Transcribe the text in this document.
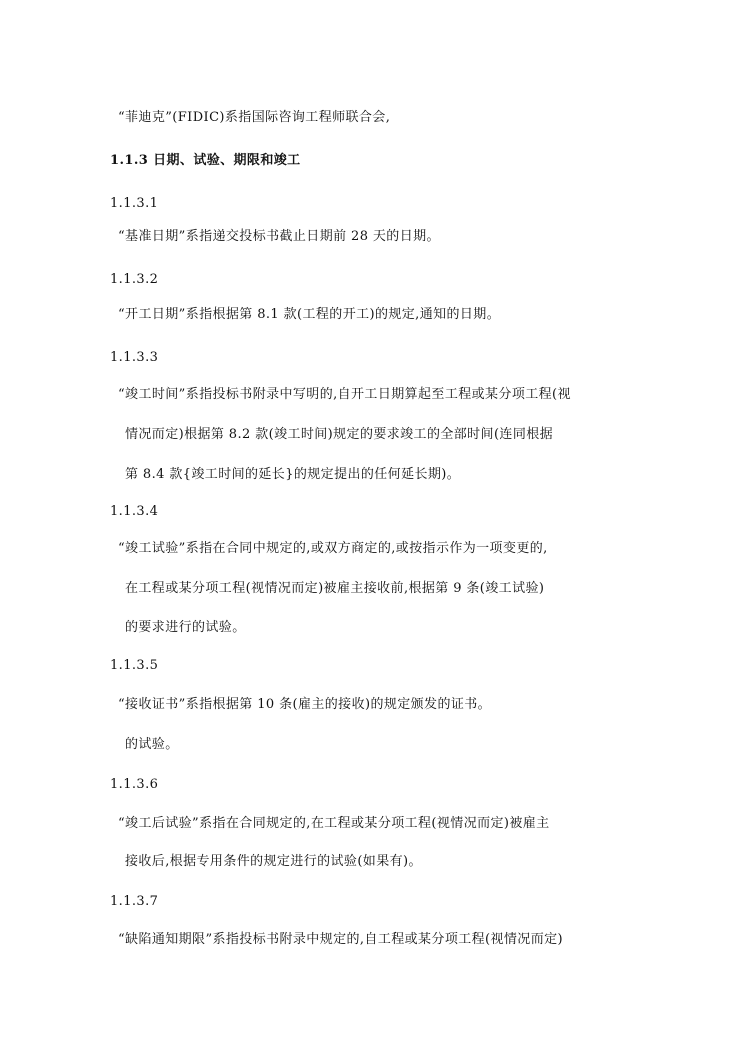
“菲迪克”(FIDIC)系指国际咨询工程师联合会,

1.1.3 日期、试验、期限和竣工

1.1.3.1

“基准日期”系指递交投标书截止日期前 28 天的日期。

1.1.3.2

“开工日期”系指根据第 8.1 款(工程的开工)的规定,通知的日期。

1.1.3.3

“竣工时间”系指投标书附录中写明的,自开工日期算起至工程或某分项工程(视

情况而定)根据第 8.2 款(竣工时间)规定的要求竣工的全部时间(连同根据

第 8.4 款{竣工时间的延长}的规定提出的任何延长期)。

1.1.3.4

“竣工试验”系指在合同中规定的,或双方商定的,或按指示作为一项变更的,

在工程或某分项工程(视情况而定)被雇主接收前,根据第 9 条(竣工试验)

的要求进行的试验。

1.1.3.5

“接收证书”系指根据第 10 条(雇主的接收)的规定颁发的证书。

的试验。

1.1.3.6

“竣工后试验”系指在合同规定的,在工程或某分项工程(视情况而定)被雇主

接收后,根据专用条件的规定进行的试验(如果有)。

1.1.3.7

“缺陷通知期限”系指投标书附录中规定的,自工程或某分项工程(视情况而定)
